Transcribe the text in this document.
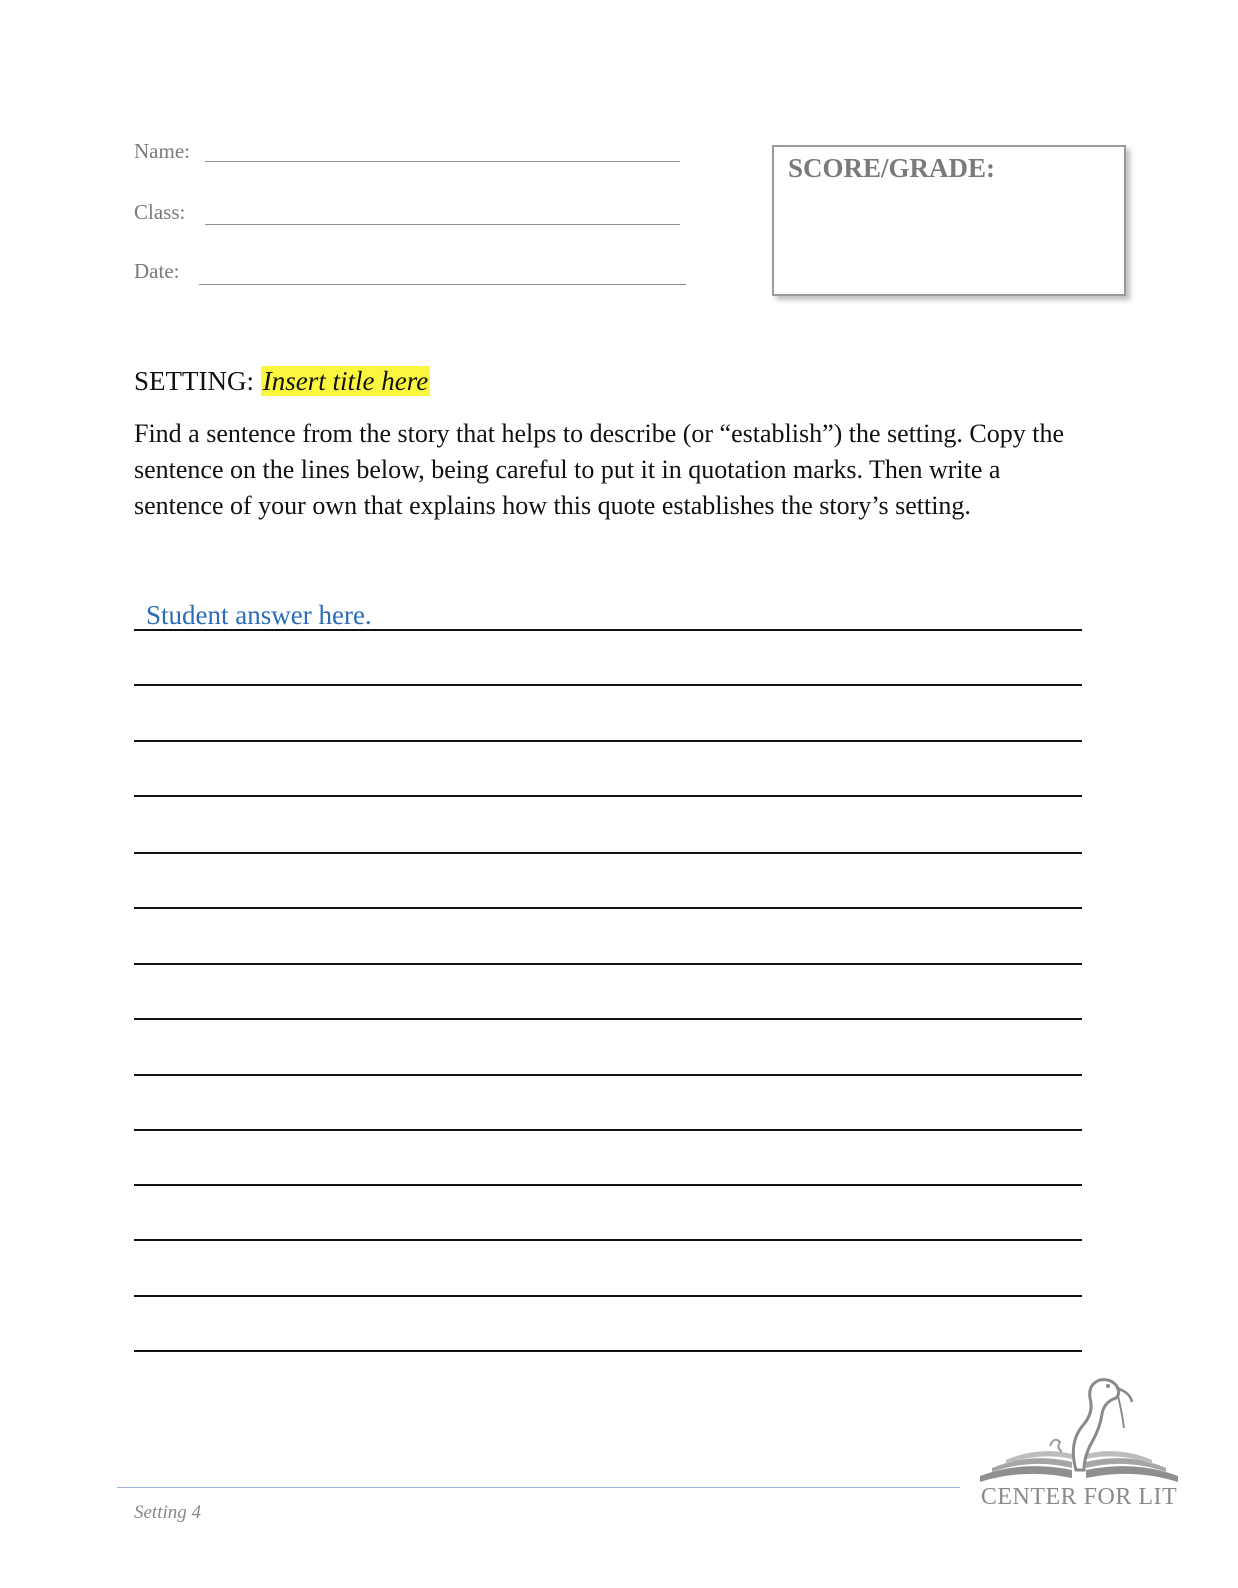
Name:
Class:
Date:
SCORE/GRADE:
SETTING: Insert title here

Find a sentence from the story that helps to describe (or “establish”) the setting. Copy the sentence on the lines below, being careful to put it in quotation marks. Then write a sentence of your own that explains how this quote establishes the story’s setting.

Student answer here.
Setting 4
CENTER FOR LIT
